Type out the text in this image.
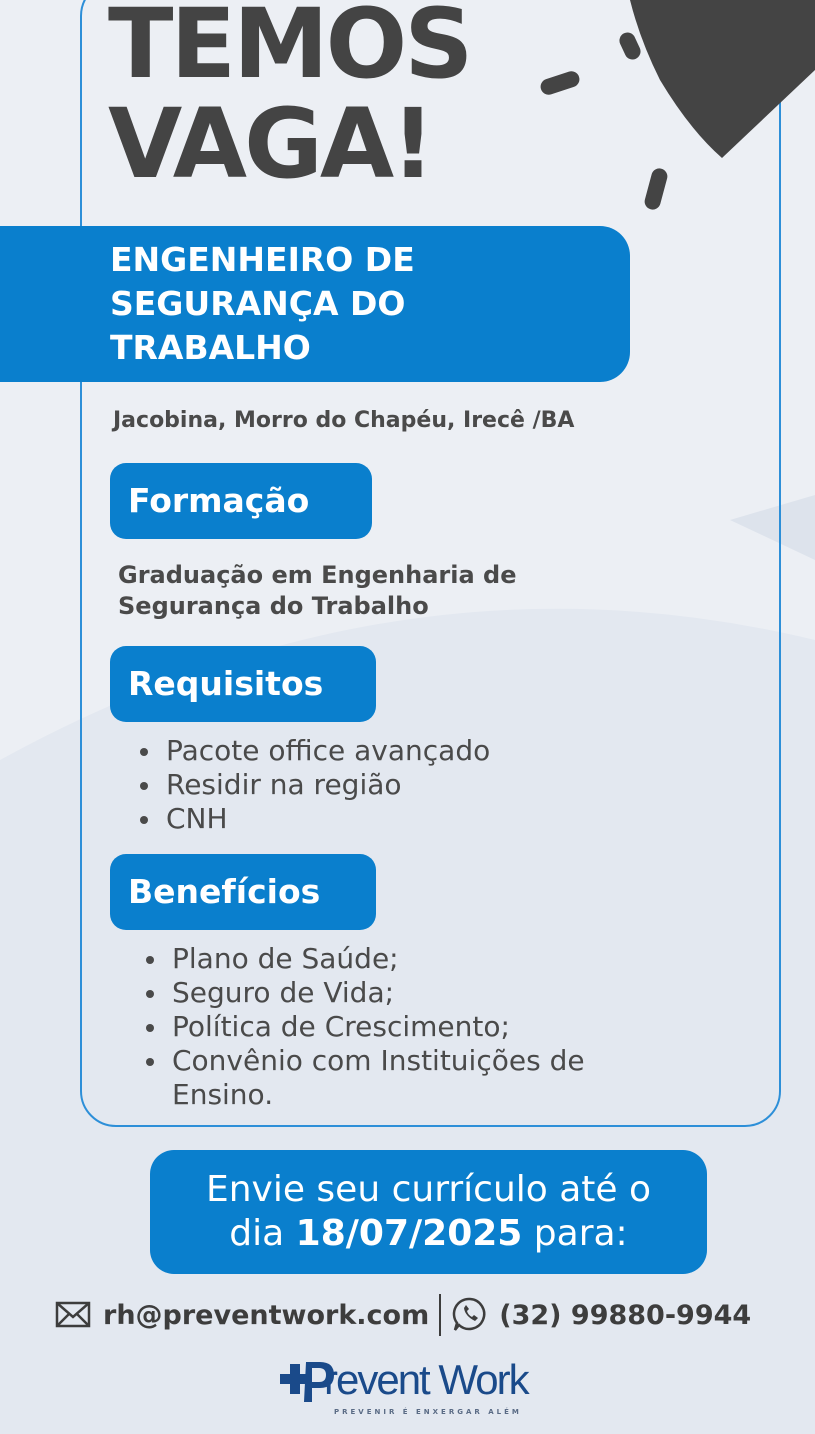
TEMOS
VAGA!
ENGENHEIRO DE
SEGURANÇA DO
TRABALHO
Jacobina, Morro do Chapéu, Irecê /BA
Formação
Graduação em Engenharia de
Segurança do Trabalho
Requisitos
Pacote office avançado
Residir na região
CNH
Benefícios
Plano de Saúde;
Seguro de Vida;
Política de Crescimento;
Convênio com Instituições de
Ensino.
Envie seu currículo até o
dia 18/07/2025 para:
rh@preventwork.com	(32) 99880-9944
revent Work
PREVENIR É ENXERGAR ALÉM
